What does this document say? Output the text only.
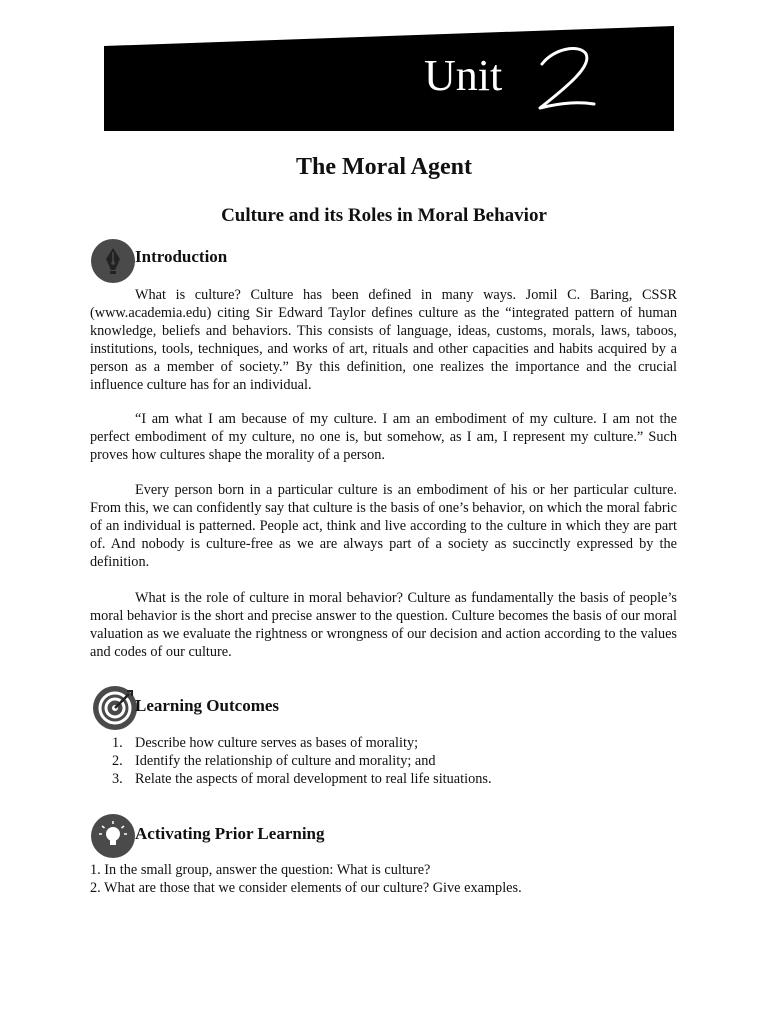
Unit
The Moral Agent
Culture and its Roles in Moral Behavior
Introduction

What is culture? Culture has been defined in many ways. Jomil C. Baring, CSSR (www.academia.edu) citing Sir Edward Taylor defines culture as the “integrated pattern of human knowledge, beliefs and behaviors. This consists of language, ideas, customs, morals, laws, taboos, institutions, tools, techniques, and works of art, rituals and other capacities and habits acquired by a person as a member of society.” By this definition, one realizes the importance and the crucial influence culture has for an individual.

“I am what I am because of my culture. I am an embodiment of my culture. I am not the perfect embodiment of my culture, no one is, but somehow, as I am, I represent my culture.” Such proves how cultures shape the morality of a person.

Every person born in a particular culture is an embodiment of his or her particular culture. From this, we can confidently say that culture is the basis of one’s behavior, on which the moral fabric of an individual is patterned. People act, think and live according to the culture in which they are part of. And nobody is culture-free as we are always part of a society as succinctly expressed by the definition.

What is the role of culture in moral behavior? Culture as fundamentally the basis of people’s moral behavior is the short and precise answer to the question. Culture becomes the basis of our moral valuation as we evaluate the rightness or wrongness of our decision and action according to the values and codes of our culture.

Learning Outcomes
1. Describe how culture serves as bases of morality;
2. Identify the relationship of culture and morality; and
3. Relate the aspects of moral development to real life situations.
Activating Prior Learning

1. In the small group, answer the question: What is culture?

2. What are those that we consider elements of our culture? Give examples.
